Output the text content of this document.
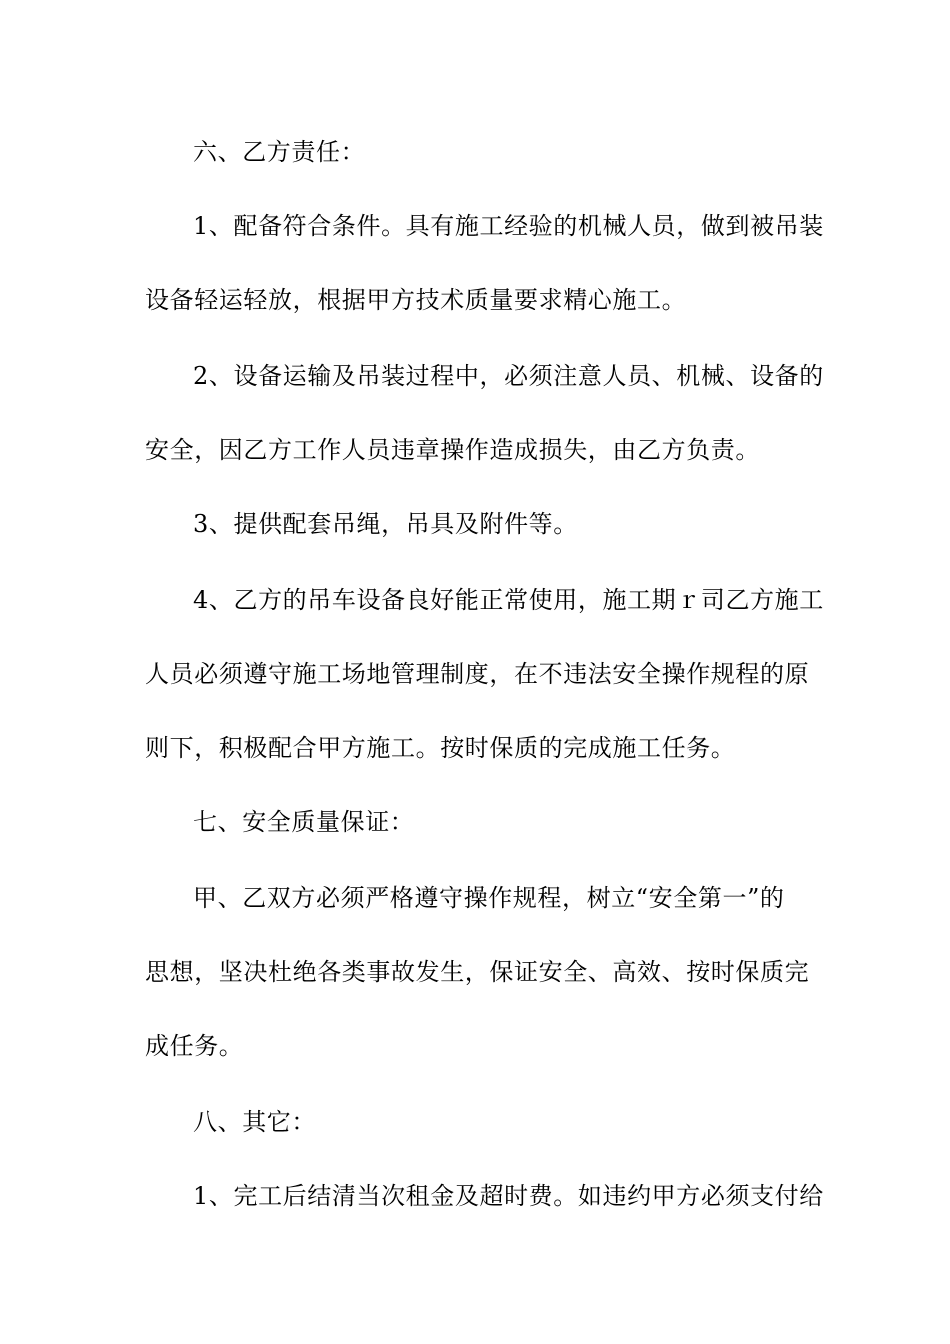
六、乙方责任：
1、配备符合条件。具有施工经验的机械人员，做到被吊装
设备轻运轻放，根据甲方技术质量要求精心施工。
2、设备运输及吊装过程中，必须注意人员、机械、设备的
安全，因乙方工作人员违章操作造成损失，由乙方负责。
3、提供配套吊绳，吊具及附件等。
4、乙方的吊车设备良好能正常使用，施工期ｒ司乙方施工
人员必须遵守施工场地管理制度，在不违法安全操作规程的原
则下，积极配合甲方施工。按时保质的完成施工任务。
七、安全质量保证：
甲、乙双方必须严格遵守操作规程，树立“安全第一”的
思想，坚决杜绝各类事故发生，保证安全、高效、按时保质完
成任务。
八、其它：
1、完工后结清当次租金及超时费。如违约甲方必须支付给
